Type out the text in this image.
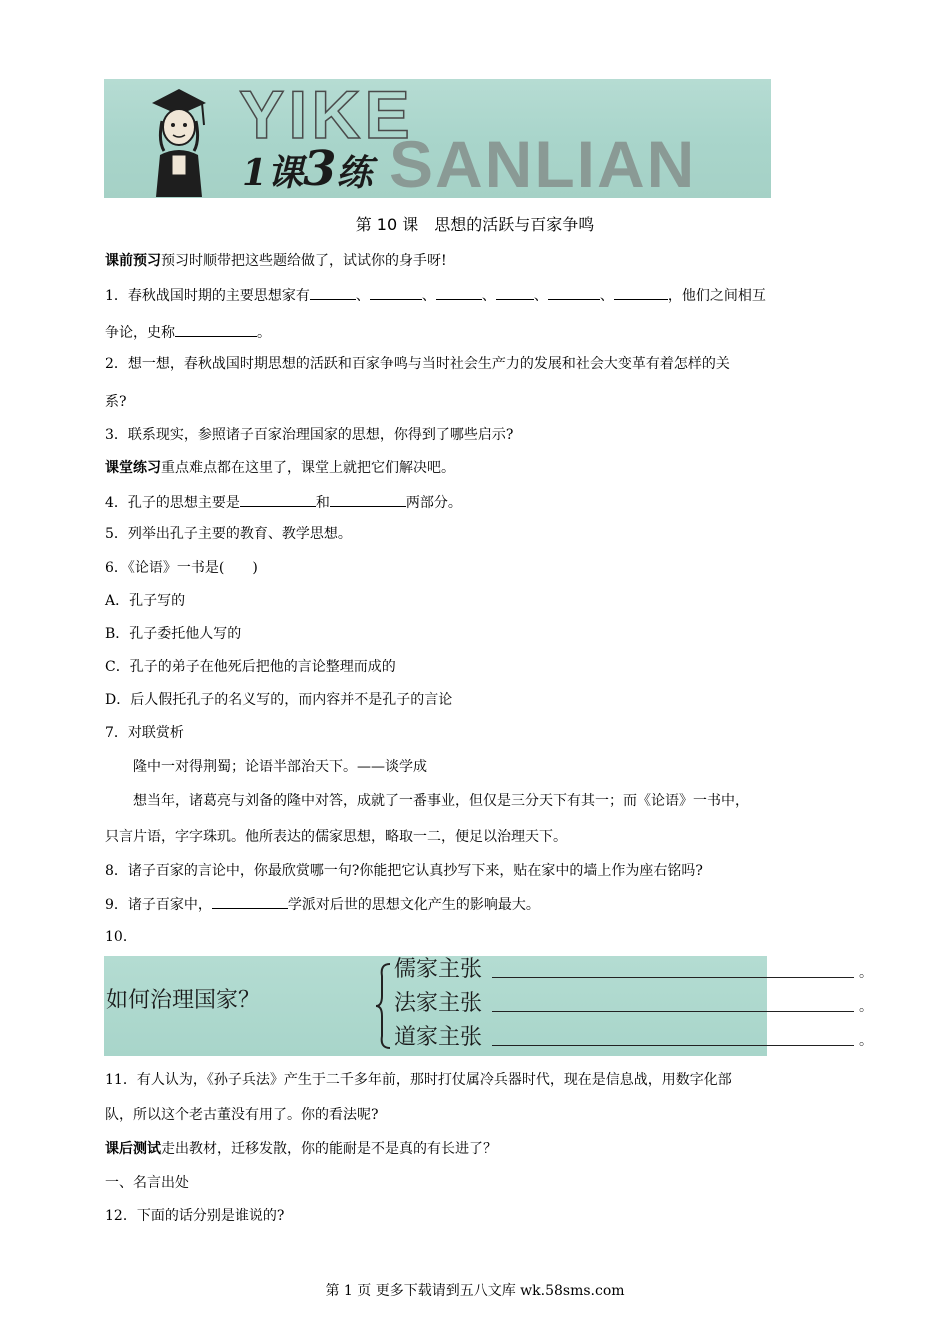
YIKE
SANLIAN
1课3练
第 10 课　思想的活跃与百家争鸣
课前预习预习时顺带把这些题给做了，试试你的身手呀!
1．春秋战国时期的主要思想家有	、	、	、	、	、	，他们之间相互
争论，史称	。
2．想一想，春秋战国时期思想的活跃和百家争鸣与当时社会生产力的发展和社会大变革有着怎样的关
系?
3．联系现实，参照诸子百家治理国家的思想，你得到了哪些启示?
课堂练习重点难点都在这里了，课堂上就把它们解决吧。
4．孔子的思想主要是	和	两部分。
5．列举出孔子主要的教育、教学思想。
6．《论语》一书是(　　)
A．孔子写的
B．孔子委托他人写的
C．孔子的弟子在他死后把他的言论整理而成的
D．后人假托孔子的名义写的，而内容并不是孔子的言论
7．对联赏析
隆中一对得荆蜀；论语半部治天下。——谈学成
想当年，诸葛亮与刘备的隆中对答，成就了一番事业，但仅是三分天下有其一；而《论语》一书中，
只言片语，字字珠玑。他所表达的儒家思想，略取一二，便足以治理天下。
8．诸子百家的言论中，你最欣赏哪一句?你能把它认真抄写下来，贴在家中的墙上作为座右铭吗?
9．诸子百家中，	学派对后世的思想文化产生的影响最大。
10．
如何治理国家？
儒家主张	。
法家主张	。
道家主张	。
11．有人认为，《孙子兵法》产生于二千多年前，那时打仗属冷兵器时代，现在是信息战，用数字化部
队，所以这个老古董没有用了。你的看法呢?
课后测试走出教材，迁移发散，你的能耐是不是真的有长进了？
一、名言出处
12．下面的话分别是谁说的?
第 1 页 更多下载请到五八文库 wk.58sms.com
